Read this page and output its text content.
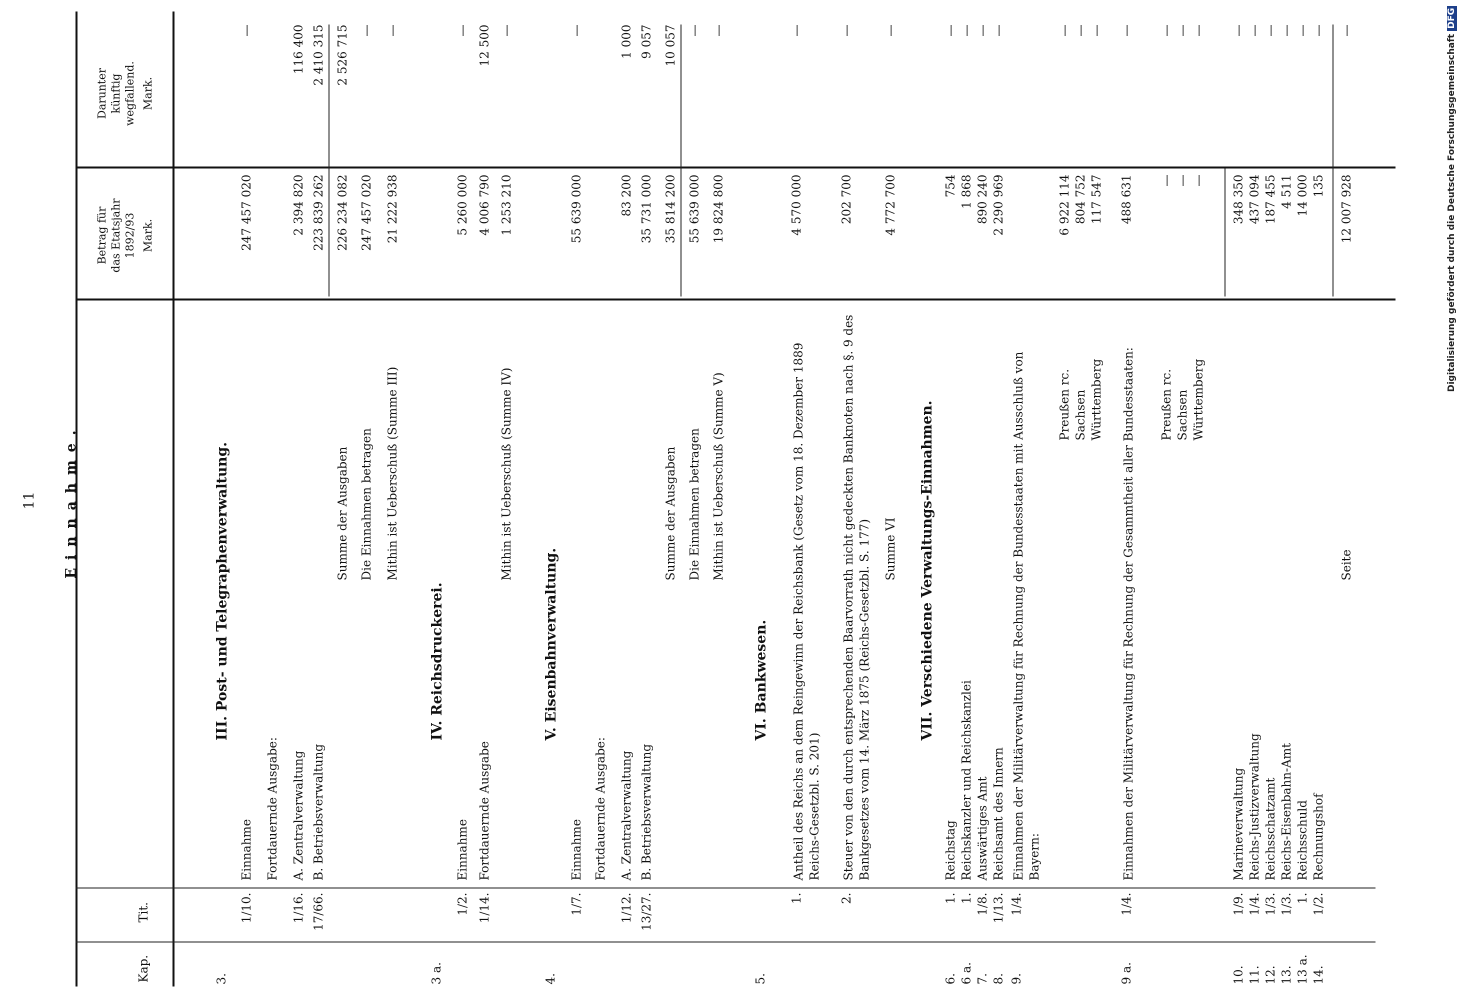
11 Einnahme.
Kap.
Tit.
Betrag für das Etatsjahr 1892/93 Mark.
Darunter künftig wegfallend. Mark.
3.
III. Post- und Telegraphenverwaltung.
1/10.
Einnahme
247 457 020
—
Fortdauernde Ausgabe:
1/16.
A. Zentralverwaltung
2 394 820
116 400
17/66.
B. Betriebsverwaltung
223 839 262
2 410 315
Summe der Ausgaben
226 234 082
2 526 715
Die Einnahmen betragen
247 457 020
—
Mithin ist Ueberschuß (Summe III)
21 222 938
—
3 a.
IV. Reichsdruckerei.
1/2.
Einnahme
5 260 000
—
1/14.
Fortdauernde Ausgabe
4 006 790
12 500
Mithin ist Ueberschuß (Summe IV)
1 253 210
—
4.
V. Eisenbahnverwaltung.
1/7.
Einnahme
55 639 000
—
Fortdauernde Ausgabe:
1/12.
A. Zentralverwaltung
83 200
1 000
13/27.
B. Betriebsverwaltung
35 731 000
9 057
Summe der Ausgaben
35 814 200
10 057
Die Einnahmen betragen
55 639 000
—
Mithin ist Ueberschuß (Summe V)
19 824 800
—
5.
VI. Bankwesen.
1.
Antheil des Reichs an dem Reingewinn der Reichsbank (Gesetz vom 18. Dezember 1889 Reichs-Gesetzbl. S. 201)
4 570 000
—
2.
Steuer von den durch entsprechenden Baarvorrath nicht gedeckten Banknoten nach §. 9 des Bankgesetzes vom 14. März 1875 (Reichs-Gesetzbl. S. 177)
202 700
—
Summe VI
4 772 700
—
VII. Verschiedene Verwaltungs-Einnahmen.
6.
1.
Reichstag
754
—
6 a.
1.
Reichskanzler und Reichskanzlei
1 868
—
7.
1/8.
Auswärtiges Amt
890 240
—
8.
1/13.
Reichsamt des Innern
2 290 969
—
9.
1/4.
Einnahmen der Militärverwaltung für Rechnung der Bundesstaaten mit Ausschluß von Bayern:
Preußen rc.
6 922 114
—
Sachsen
804 752
—
Württemberg
117 547
—
9 a.
1/4.
Einnahmen der Militärverwaltung für Rechnung der Gesammtheit aller Bundesstaaten:
488 631
—
Preußen rc.
—
—
Sachsen
—
—
Württemberg
—
—
10.
1/9.
Marineverwaltung
348 350
—
11.
1/4.
Reichs-Justizverwaltung
437 094
—
12.
1/3.
Reichsschatzamt
187 455
—
13.
1/3.
Reichs-Eisenbahn-Amt
4 511
—
13 a.
1.
Reichsschuld
14 000
—
14.
1/2.
Rechnungshof
135
—
Seite
12 007 928
—
Digitalisierung gefördert durch die Deutsche ForschungsgemeinschaftDFG
